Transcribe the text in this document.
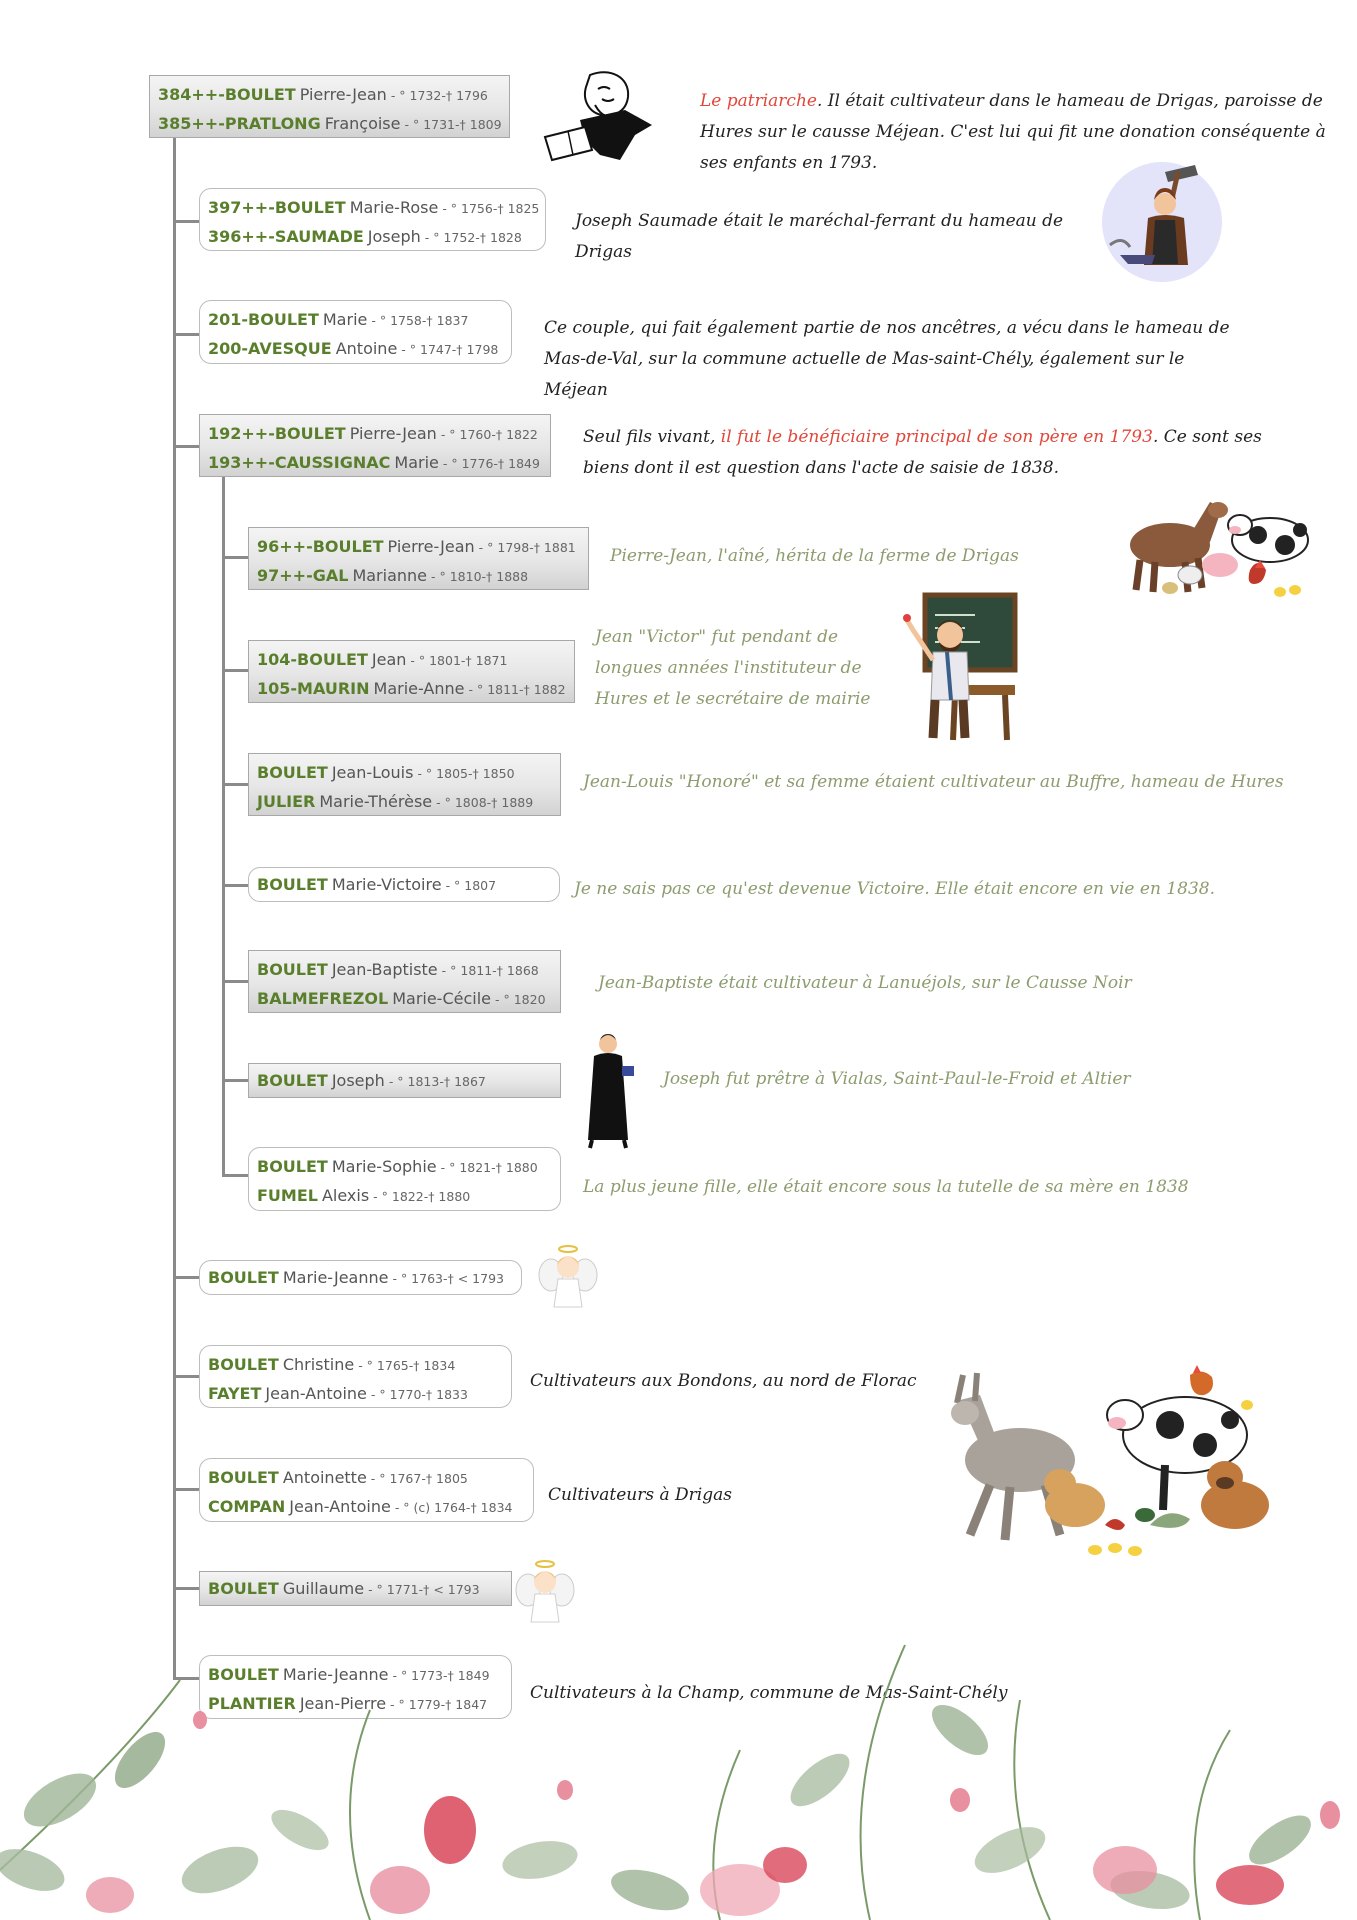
384++-BOULET Pierre-Jean - ° 1732-† 1796
385++-PRATLONG Françoise - ° 1731-† 1809
397++-BOULET Marie-Rose - ° 1756-† 1825
396++-SAUMADE Joseph - ° 1752-† 1828
201-BOULET Marie - ° 1758-† 1837
200-AVESQUE Antoine - ° 1747-† 1798
192++-BOULET Pierre-Jean - ° 1760-† 1822
193++-CAUSSIGNAC Marie - ° 1776-† 1849
96++-BOULET Pierre-Jean - ° 1798-† 1881
97++-GAL Marianne - ° 1810-† 1888
104-BOULET Jean - ° 1801-† 1871
105-MAURIN Marie-Anne - ° 1811-† 1882
BOULET Jean-Louis - ° 1805-† 1850
JULIER Marie-Thérèse - ° 1808-† 1889
BOULET Marie-Victoire - ° 1807
BOULET Jean-Baptiste - ° 1811-† 1868
BALMEFREZOL Marie-Cécile - ° 1820
BOULET Joseph - ° 1813-† 1867
BOULET Marie-Sophie - ° 1821-† 1880
FUMEL Alexis - ° 1822-† 1880
BOULET Marie-Jeanne - ° 1763-† < 1793
BOULET Christine - ° 1765-† 1834
FAYET Jean-Antoine - ° 1770-† 1833
BOULET Antoinette - ° 1767-† 1805
COMPAN Jean-Antoine - ° (c) 1764-† 1834
BOULET Guillaume - ° 1771-† < 1793
BOULET Marie-Jeanne - ° 1773-† 1849
PLANTIER Jean-Pierre - ° 1779-† 1847
Le patriarche. Il était cultivateur dans le hameau de Drigas, paroisse de Hures sur le causse Méjean. C'est lui qui fit une donation conséquente à ses enfants en 1793.
Joseph Saumade était le maréchal-ferrant du hameau de Drigas
Ce couple, qui fait également partie de nos ancêtres, a vécu dans le hameau de Mas-de-Val, sur la commune actuelle de Mas-saint-Chély, également sur le Méjean
Seul fils vivant, il fut le bénéficiaire principal de son père en 1793. Ce sont ses biens dont il est question dans l'acte de saisie de 1838.
Pierre-Jean, l'aîné, hérita de la ferme de Drigas
Jean "Victor" fut pendant de longues années l'instituteur de Hures et le secrétaire de mairie
Jean-Louis "Honoré" et sa femme étaient cultivateur au Buffre, hameau de Hures
Je ne sais pas ce qu'est devenue Victoire. Elle était encore en vie en 1838.
Jean-Baptiste était cultivateur à Lanuéjols, sur le Causse Noir
Joseph fut prêtre à Vialas, Saint-Paul-le-Froid et Altier
La plus jeune fille, elle était encore sous la tutelle de sa mère en 1838
Cultivateurs aux Bondons, au nord de Florac
Cultivateurs à Drigas
Cultivateurs à la Champ, commune de Mas-Saint-Chély
